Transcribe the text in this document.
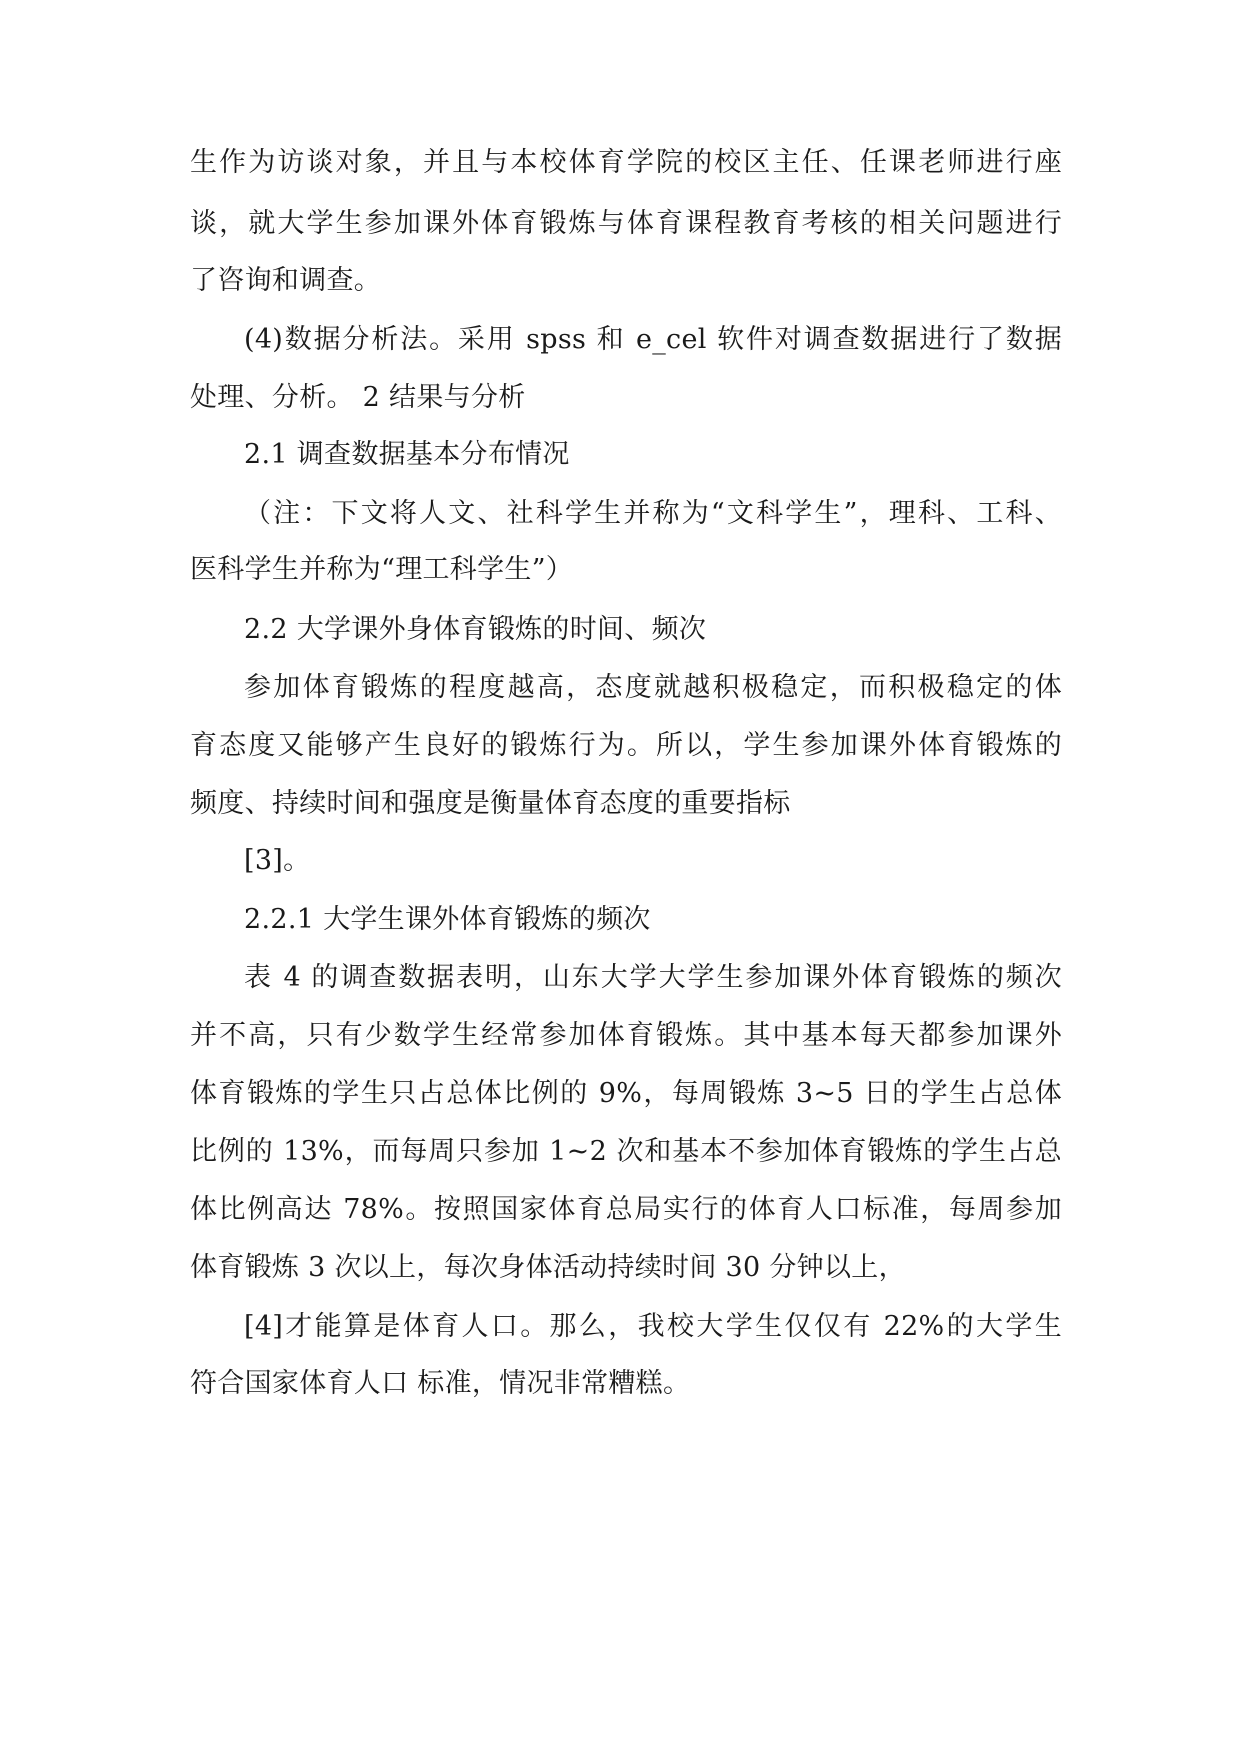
生作为访谈对象，并且与本校体育学院的校区主任、任课老师进行座

谈，就大学生参加课外体育锻炼与体育课程教育考核的相关问题进行

了咨询和调查。

(4)数据分析法。采用 spss 和 e_cel 软件对调查数据进行了数据

处理、分析。 2 结果与分析

2.1 调查数据基本分布情况

（注：下文将人文、社科学生并称为“文科学生”，理科、工科、

医科学生并称为“理工科学生”）

2.2 大学课外身体育锻炼的时间、频次

参加体育锻炼的程度越高，态度就越积极稳定，而积极稳定的体

育态度又能够产生良好的锻炼行为。所以，学生参加课外体育锻炼的

频度、持续时间和强度是衡量体育态度的重要指标

[3]。

2.2.1 大学生课外体育锻炼的频次

表 4 的调查数据表明，山东大学大学生参加课外体育锻炼的频次

并不高，只有少数学生经常参加体育锻炼。其中基本每天都参加课外

体育锻炼的学生只占总体比例的 9%，每周锻炼 3~5 日的学生占总体

比例的 13%，而每周只参加 1~2 次和基本不参加体育锻炼的学生占总

体比例高达 78%。按照国家体育总局实行的体育人口标准，每周参加

体育锻炼 3 次以上，每次身体活动持续时间 30 分钟以上，

[4]才能算是体育人口。那么，我校大学生仅仅有 22%的大学生

符合国家体育人口 标准，情况非常糟糕。
